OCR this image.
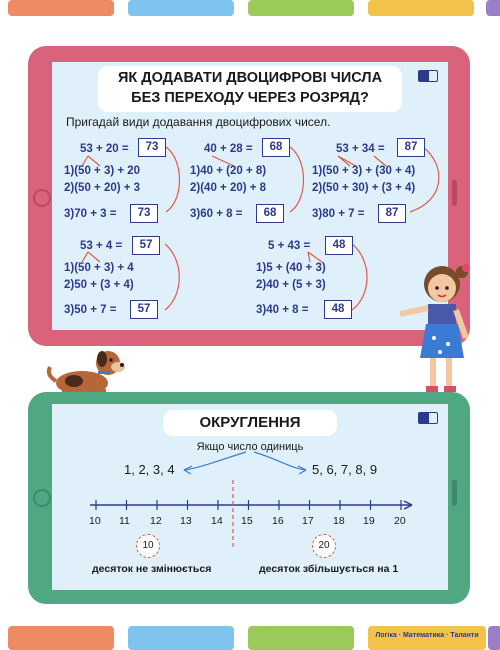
ЯК ДОДАВАТИ ДВОЦИФРОВІ ЧИСЛА
БЕЗ ПЕРЕХОДУ ЧЕРЕЗ РОЗРЯД?
Пригадай види додавання двоцифрових чисел.
53 + 20 =	73
1)(50 + 3) + 20
2)(50 + 20) + 3
3)70 + 3 =	73
40 + 28 =	68
1)40 + (20 + 8)
2)(40 + 20) + 8
3)60 + 8 =	68
53 + 34 =	87
1)(50 + 3) + (30 + 4)
2)(50 + 30) + (3 + 4)
3)80 + 7 =	87
53 + 4 =	57
1)(50 + 3) + 4
2)50 + (3 + 4)
3)50 + 7 =	57
5 + 43 =	48
1)5 + (40 + 3)
2)40 + (5 + 3)
3)40 + 8 =	48
ОКРУГЛЕННЯ
Якщо число одиниць
1, 2, 3, 4	5, 6, 7, 8, 9
10 11 12 13 14 15 16 17 18 19 20
10	20
десяток не змінюється	десяток збільшується на 1
Логіка · Математика · Таланти
